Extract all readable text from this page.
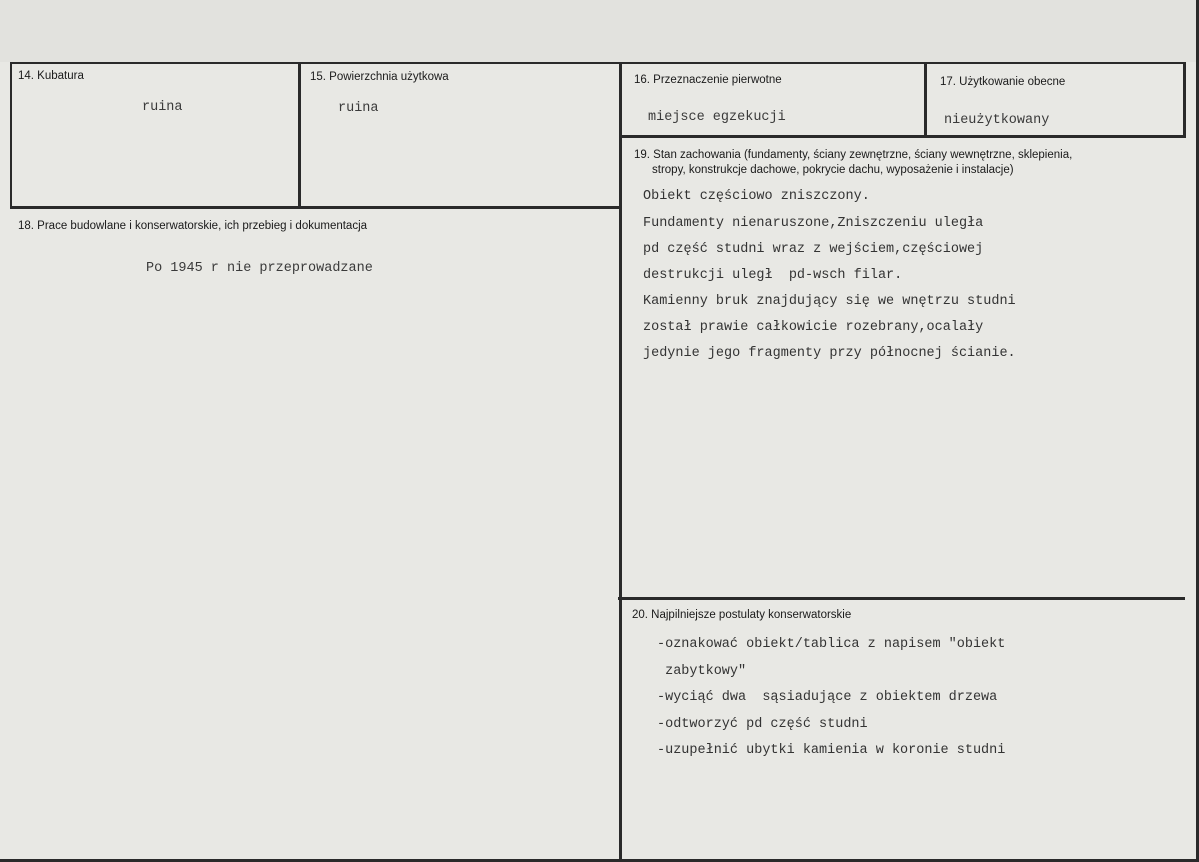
14. Kubatura
ruina
15. Powierzchnia użytkowa
ruina
16. Przeznaczenie pierwotne
miejsce egzekucji
17. Użytkowanie obecne
nieużytkowany
18. Prace budowlane i konserwatorskie, ich przebieg i dokumentacja
Po 1945 r nie przeprowadzane
19. Stan zachowania (fundamenty, ściany zewnętrzne, ściany wewnętrzne, sklepienia,
stropy, konstrukcje dachowe, pokrycie dachu, wyposażenie i instalacje)
Obiekt częściowo zniszczony.
Fundamenty nienaruszone,Zniszczeniu uległa
pd część studni wraz z wejściem,częściowej
destrukcji uległ  pd-wsch filar.
Kamienny bruk znajdujący się we wnętrzu studni
został prawie całkowicie rozebrany,ocalały
jedynie jego fragmenty przy północnej ścianie.
20. Najpilniejsze postulaty konserwatorskie
-oznakować obiekt/tablica z napisem "obiekt
zabytkowy"
-wyciąć dwa  sąsiadujące z obiektem drzewa
-odtworzyć pd część studni
-uzupełnić ubytki kamienia w koronie studni
